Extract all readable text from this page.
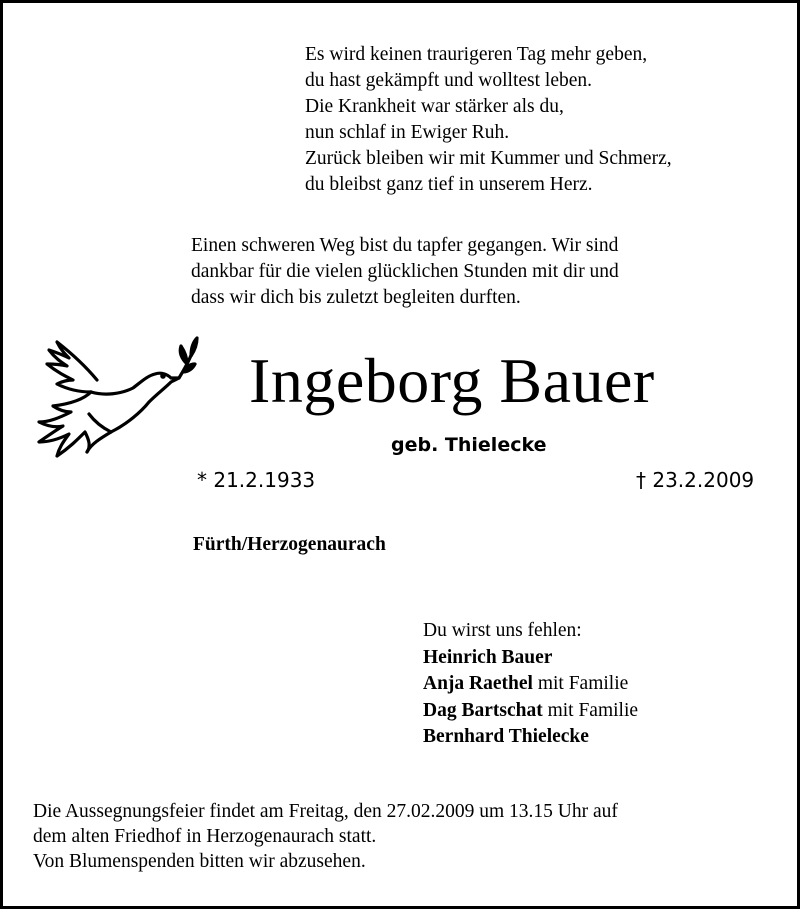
Es wird keinen traurigeren Tag mehr geben,
du hast gekämpft und wolltest leben.
Die Krankheit war stärker als du,
nun schlaf in Ewiger Ruh.
Zurück bleiben wir mit Kummer und Schmerz,
du bleibst ganz tief in unserem Herz.
Einen schweren Weg bist du tapfer gegangen. Wir sind
dankbar für die vielen glücklichen Stunden mit dir und
dass wir dich bis zuletzt begleiten durften.
Ingeborg Bauer
geb. Thielecke
* 21.2.1933	† 23.2.2009
Fürth/Herzogenaurach
Du wirst uns fehlen:
Heinrich Bauer
Anja Raethel mit Familie
Dag Bartschat mit Familie
Bernhard Thielecke
Die Aussegnungsfeier findet am Freitag, den 27.02.2009 um 13.15 Uhr auf
dem alten Friedhof in Herzogenaurach statt.
Von Blumenspenden bitten wir abzusehen.
